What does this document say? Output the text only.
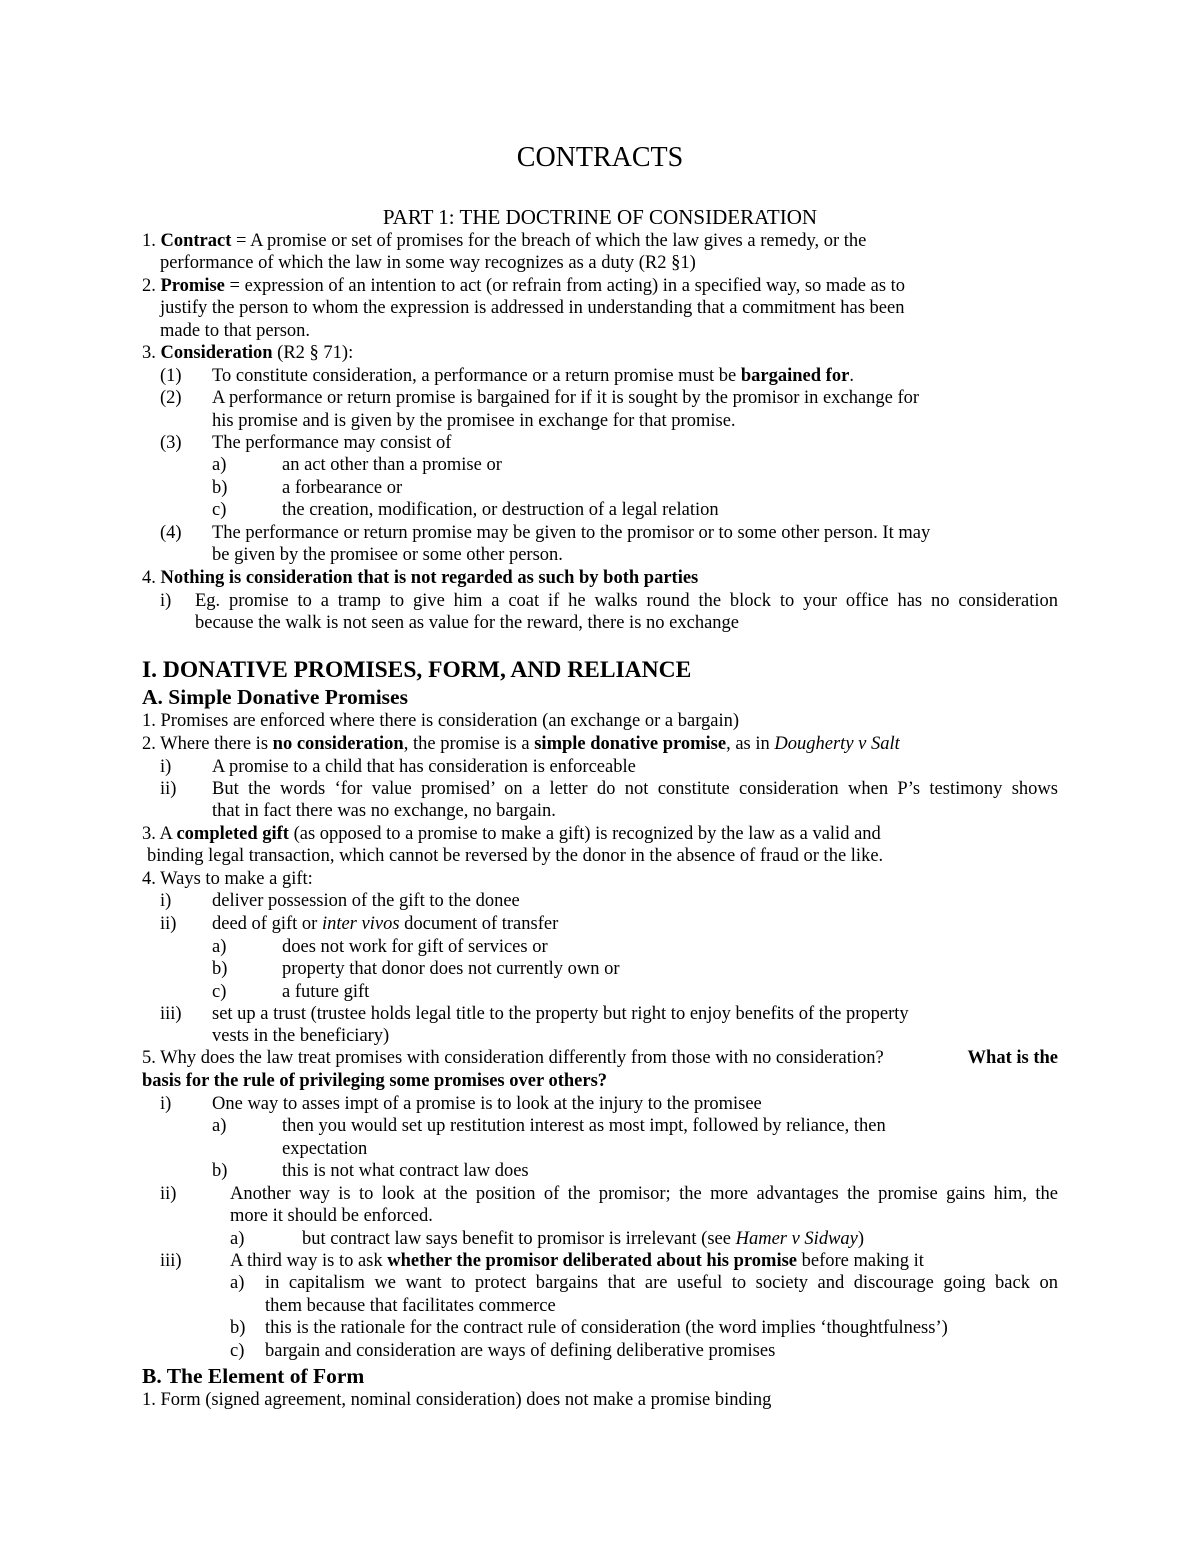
CONTRACTS
PART 1: THE DOCTRINE OF CONSIDERATION
1. Contract = A promise or set of promises for the breach of which the law gives a remedy, or the
performance of which the law in some way recognizes as a duty (R2 §1)
2. Promise = expression of an intention to act (or refrain from acting) in a specified way, so made as to
justify the person to whom the expression is addressed in understanding that a commitment has been
made to that person.
3. Consideration (R2 § 71):
(1) To constitute consideration, a performance or a return promise must be bargained for.
(2) A performance or return promise is bargained for if it is sought by the promisor in exchange for
his promise and is given by the promisee in exchange for that promise.
(3) The performance may consist of
a)	an act other than a promise or
b)	a forbearance or
c)	the creation, modification, or destruction of a legal relation
(4) The performance or return promise may be given to the promisor or to some other person. It may
be given by the promisee or some other person.
4. Nothing is consideration that is not regarded as such by both parties
i) Eg. promise to a tramp to give him a coat if he walks round the block to your office has no consideration
because the walk is not seen as value for the reward, there is no exchange
I. DONATIVE PROMISES, FORM, AND RELIANCE
A. Simple Donative Promises
1. Promises are enforced where there is consideration (an exchange or a bargain)
2. Where there is no consideration, the promise is a simple donative promise, as in Dougherty v Salt
i) A promise to a child that has consideration is enforceable
ii) But the words ‘for value promised’ on a letter do not constitute consideration when P’s testimony shows
that in fact there was no exchange, no bargain.
3. A completed gift (as opposed to a promise to make a gift) is recognized by the law as a valid and
binding legal transaction, which cannot be reversed by the donor in the absence of fraud or the like.
4. Ways to make a gift:
i) deliver possession of the gift to the donee
ii) deed of gift or inter vivos document of transfer
a)	does not work for gift of services or
b)	property that donor does not currently own or
c)	a future gift
iii) set up a trust (trustee holds legal title to the property but right to enjoy benefits of the property
vests in the beneficiary)
5. Why does the law treat promises with consideration differently from those with no consideration?	What is the
basis for the rule of privileging some promises over others?
i) One way to asses impt of a promise is to look at the injury to the promisee
a)	then you would set up restitution interest as most impt, followed by reliance, then
expectation
b)	this is not what contract law does
ii)	Another way is to look at the position of the promisor; the more advantages the promise gains him, the
more it should be enforced.
a)	but contract law says benefit to promisor is irrelevant (see Hamer v Sidway)
iii)	A third way is to ask whether the promisor deliberated about his promise before making it
a) in capitalism we want to protect bargains that are useful to society and discourage going back on
them because that facilitates commerce
b) this is the rationale for the contract rule of consideration (the word implies ‘thoughtfulness’)
c) bargain and consideration are ways of defining deliberative promises
B. The Element of Form
1. Form (signed agreement, nominal consideration) does not make a promise binding
